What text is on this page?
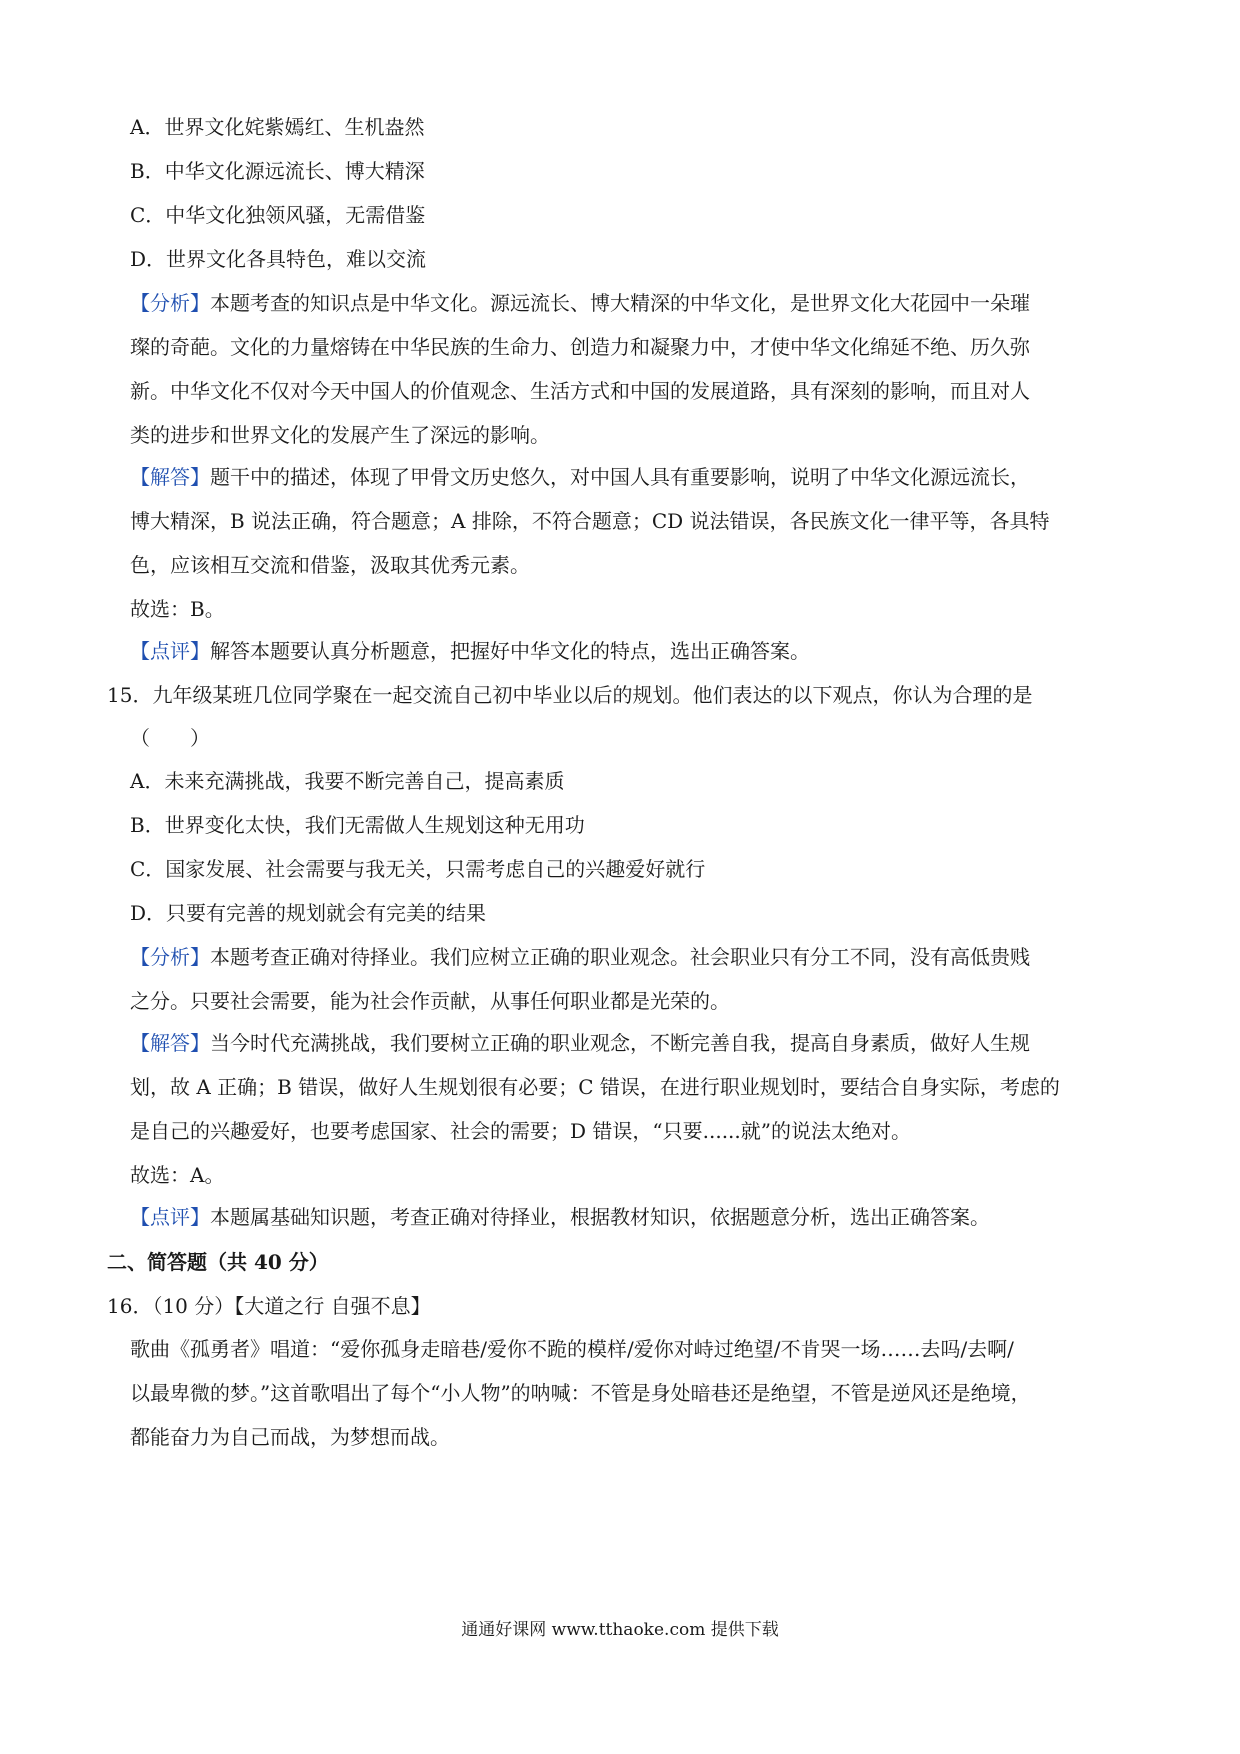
A．世界文化姹紫嫣红、生机盎然
B．中华文化源远流长、博大精深
C．中华文化独领风骚，无需借鉴
D．世界文化各具特色，难以交流
【分析】本题考查的知识点是中华文化。源远流长、博大精深的中华文化，是世界文化大花园中一朵璀
璨的奇葩。文化的力量熔铸在中华民族的生命力、创造力和凝聚力中，才使中华文化绵延不绝、历久弥
新。中华文化不仅对今天中国人的价值观念、生活方式和中国的发展道路，具有深刻的影响，而且对人
类的进步和世界文化的发展产生了深远的影响。
【解答】题干中的描述，体现了甲骨文历史悠久，对中国人具有重要影响，说明了中华文化源远流长，
博大精深，B 说法正确，符合题意；A 排除，不符合题意；CD 说法错误，各民族文化一律平等，各具特
色，应该相互交流和借鉴，汲取其优秀元素。
故选：B。
【点评】解答本题要认真分析题意，把握好中华文化的特点，选出正确答案。
15．九年级某班几位同学聚在一起交流自己初中毕业以后的规划。他们表达的以下观点，你认为合理的是
（　　）
A．未来充满挑战，我要不断完善自己，提高素质
B．世界变化太快，我们无需做人生规划这种无用功
C．国家发展、社会需要与我无关，只需考虑自己的兴趣爱好就行
D．只要有完善的规划就会有完美的结果
【分析】本题考查正确对待择业。我们应树立正确的职业观念。社会职业只有分工不同，没有高低贵贱
之分。只要社会需要，能为社会作贡献，从事任何职业都是光荣的。
【解答】当今时代充满挑战，我们要树立正确的职业观念，不断完善自我，提高自身素质，做好人生规
划，故 A 正确；B 错误，做好人生规划很有必要；C 错误，在进行职业规划时，要结合自身实际，考虑的
是自己的兴趣爱好，也要考虑国家、社会的需要；D 错误，“只要......就”的说法太绝对。
故选：A。
【点评】本题属基础知识题，考查正确对待择业，根据教材知识，依据题意分析，选出正确答案。
二、简答题（共 40 分）
16．（10 分）【大道之行 自强不息】
歌曲《孤勇者》唱道：“爱你孤身走暗巷/爱你不跪的模样/爱你对峙过绝望/不肯哭一场……去吗/去啊/
以最卑微的梦。”这首歌唱出了每个“小人物”的呐喊：不管是身处暗巷还是绝望，不管是逆风还是绝境，
都能奋力为自己而战，为梦想而战。
通通好课网 www.tthaoke.com 提供下载
